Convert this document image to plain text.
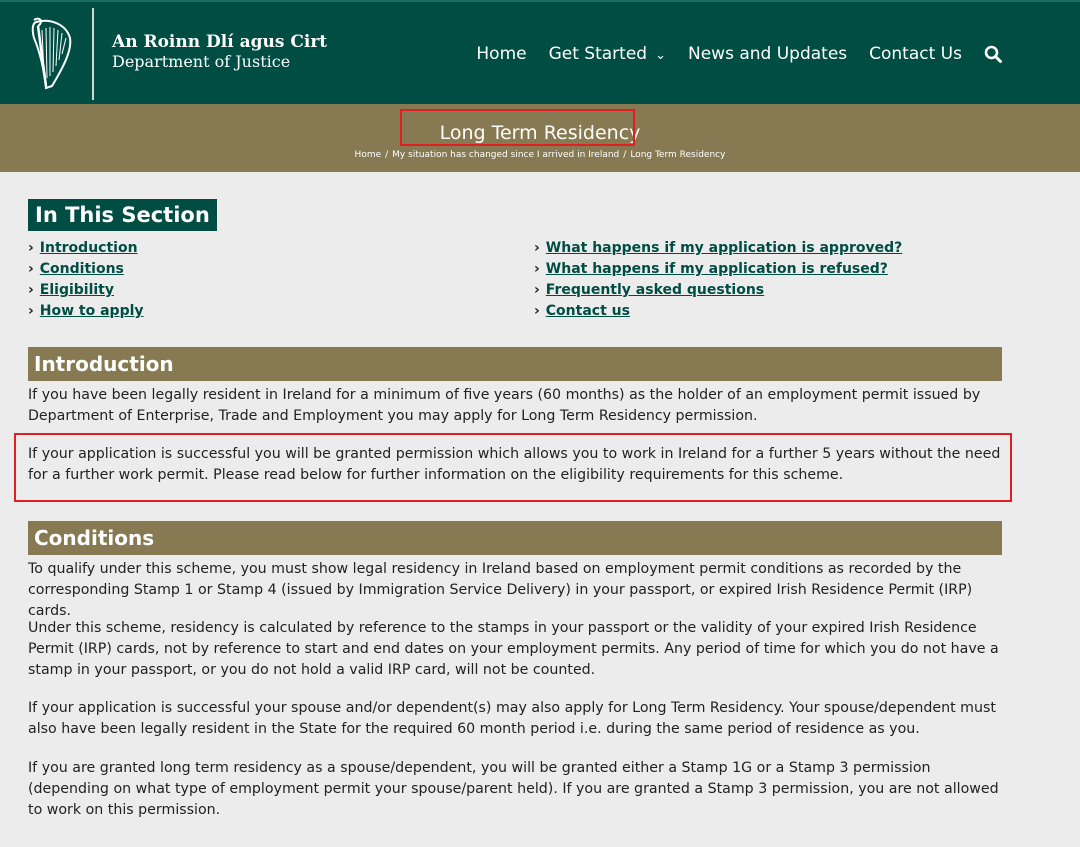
An Roinn Dlí agus Cirt
Department of Justice	Home Get Started ⌄ News and Updates Contact Us
Long Term Residency
Home / My situation has changed since I arrived in Ireland / Long Term Residency
In This Section
› Introduction
› Conditions
› Eligibility
› How to apply
› What happens if my application is approved?
› What happens if my application is refused?
› Frequently asked questions
› Contact us
Introduction
If you have been legally resident in Ireland for a minimum of five years (60 months) as the holder of an employment permit issued by Department of Enterprise, Trade and Employment you may apply for Long Term Residency permission.
If your application is successful you will be granted permission which allows you to work in Ireland for a further 5 years without the need for a further work permit. Please read below for further information on the eligibility requirements for this scheme.
Conditions
To qualify under this scheme, you must show legal residency in Ireland based on employment permit conditions as recorded by the corresponding Stamp 1 or Stamp 4 (issued by Immigration Service Delivery) in your passport, or expired Irish Residence Permit (IRP) cards.
Under this scheme, residency is calculated by reference to the stamps in your passport or the validity of your expired Irish Residence Permit (IRP) cards, not by reference to start and end dates on your employment permits. Any period of time for which you do not have a stamp in your passport, or you do not hold a valid IRP card, will not be counted.
If your application is successful your spouse and/or dependent(s) may also apply for Long Term Residency. Your spouse/dependent must also have been legally resident in the State for the required 60 month period i.e. during the same period of residence as you.
If you are granted long term residency as a spouse/dependent, you will be granted either a Stamp 1G or a Stamp 3 permission (depending on what type of employment permit your spouse/parent held). If you are granted a Stamp 3 permission, you are not allowed to work on this permission.
